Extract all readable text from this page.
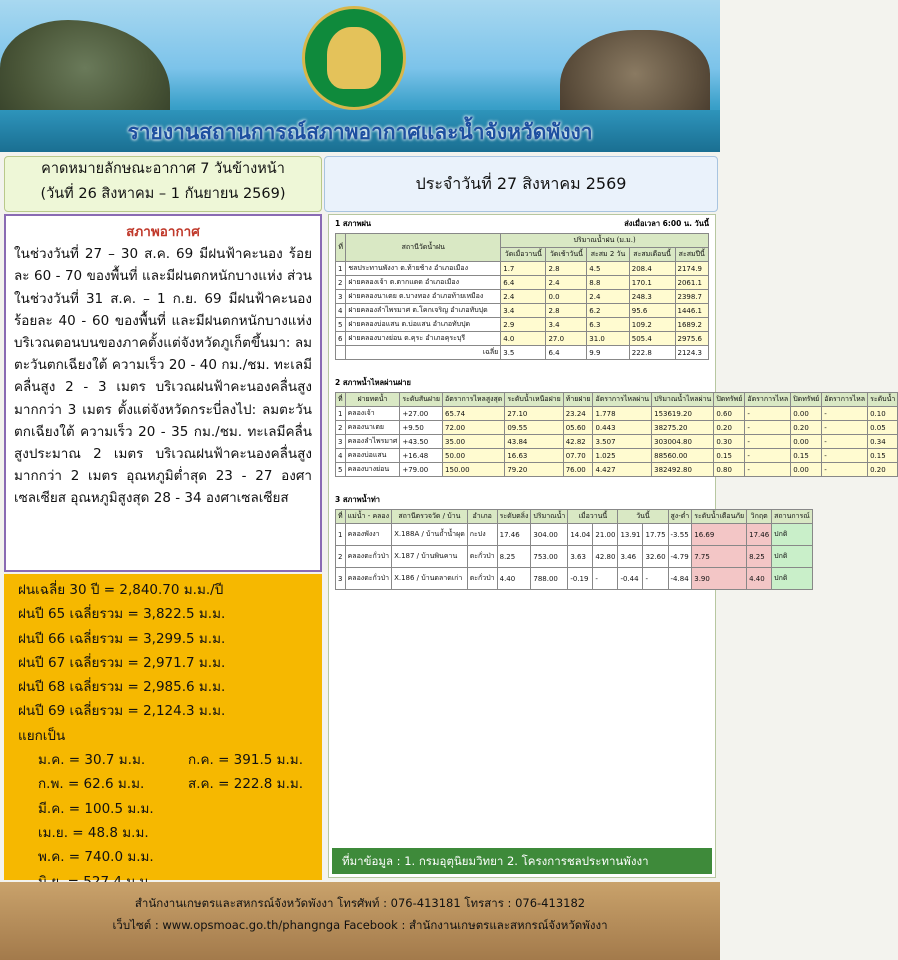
รายงานสถานการณ์สภาพอากาศและน้ำจังหวัดพังงา
คาดหมายลักษณะอากาศ 7 วันข้างหน้า
(วันที่ 26 สิงหาคม – 1 กันยายน 2569)
ประจำวันที่ 27 สิงหาคม 2569
สภาพอากาศ

ในช่วงวันที่ 27 – 30 ส.ค. 69 มีฝนฟ้าคะนอง ร้อยละ 60 - 70 ของพื้นที่ และมีฝนตกหนักบางแห่ง ส่วนในช่วงวันที่ 31 ส.ค. – 1 ก.ย. 69 มีฝนฟ้าคะนอง ร้อยละ 40 - 60 ของพื้นที่ และมีฝนตกหนักบางแห่งบริเวณตอนบนของภาคตั้งแต่จังหวัดภูเก็ตขึ้นมา: ลมตะวันตกเฉียงใต้ ความเร็ว 20 - 40 กม./ชม. ทะเลมีคลื่นสูง 2 - 3 เมตร บริเวณฝนฟ้าคะนองคลื่นสูงมากกว่า 3 เมตร ตั้งแต่จังหวัดกระบี่ลงไป: ลมตะวันตกเฉียงใต้ ความเร็ว 20 - 35 กม./ชม. ทะเลมีคลื่นสูงประมาณ 2 เมตร บริเวณฝนฟ้าคะนองคลื่นสูงมากกว่า 2 เมตร อุณหภูมิต่ำสุด 23 - 27 องศาเซลเซียส อุณหภูมิสูงสุด 28 - 34 องศาเซลเซียส

ฝนเฉลี่ย 30 ปี = 2,840.70 ม.ม./ปี
ฝนปี 65 เฉลี่ยรวม = 3,822.5 ม.ม.
ฝนปี 66 เฉลี่ยรวม = 3,299.5 ม.ม.
ฝนปี 67 เฉลี่ยรวม = 2,971.7 ม.ม.
ฝนปี 68 เฉลี่ยรวม = 2,985.6 ม.ม.
ฝนปี 69 เฉลี่ยรวม = 2,124.3 ม.ม.
แยกเป็น
ม.ค. = 30.7 ม.ม.	ก.ค. = 391.5 ม.ม.
ก.พ. = 62.6 ม.ม.	ส.ค. = 222.8 ม.ม.
มี.ค. = 100.5 ม.ม.
เม.ย. = 48.8 ม.ม.
พ.ค. = 740.0 ม.ม.
1 สภาพฝน	ส่งเมื่อเวลา 6:00 น. วันนี้
ที่	สถานีวัดน้ำฝน	ปริมาณน้ำฝน (ม.ม.)				
		วัดเมื่อวานนี้	วัดเช้าวันนี้	สะสม 2 วัน	สะสมเดือนนี้	สะสมปีนี้
1	ชลประทานพังงา ต.ท้ายช้าง อำเภอเมือง	1.7	2.8	4.5	208.4	2174.9
2	ฝายคลองเจ้า ต.ตากแดด อำเภอเมือง	6.4	2.4	8.8	170.1	2061.1
3	ฝายคลองนาเตย ต.บางทอง อำเภอท้ายเหมือง	2.4	0.0	2.4	248.3	2398.7
4	ฝายคลองลำไพรมาศ ต.โคกเจริญ อำเภอทับปุด	3.4	2.8	6.2	95.6	1446.1
5	ฝายคลองบ่อแสน ต.บ่อแสน อำเภอทับปุด	2.9	3.4	6.3	109.2	1689.2
6	ฝายคลองบางย่อน ต.คุระ อำเภอคุระบุรี	4.0	27.0	31.0	505.4	2975.6
	เฉลี่ย	3.5	6.4	9.9	222.8	2124.3
2 สภาพน้ำไหลผ่านฝาย
ที่	ฝายทดน้ำ	ระดับสันฝาย	อัตราการไหลสูงสุด	ระดับน้ำเหนือฝาย	ท้ายฝาย	อัตราการไหลผ่าน	ปริมาณน้ำไหลผ่าน	ปิดทรัพย์	อัตราการไหล	ปิดทรัพย์	อัตราการไหล	ระดับน้ำ
1	คลองเจ้า	+27.00	65.74	27.10	23.24	1.778	153619.20	0.60	-	0.00	-	0.10
2	คลองนาเตย	+9.50	72.00	09.55	05.60	0.443	38275.20	0.20	-	0.20	-	0.05
3	คลองลำไพรมาศ	+43.50	35.00	43.84	42.82	3.507	303004.80	0.30	-	0.00	-	0.34
4	คลองบ่อแสน	+16.48	50.00	16.63	07.70	1.025	88560.00	0.15	-	0.15	-	0.15
5	คลองบางย่อน	+79.00	150.00	79.20	76.00	4.427	382492.80	0.80	-	0.00	-	0.20
3 สภาพน้ำท่า
ที่	แม่น้ำ - คลอง	สถานีตรวจวัด / บ้าน	อำเภอ	ระดับตลิ่ง	ปริมาณน้ำ	เมื่อวานนี้		วันนี้		สูง-ต่ำ	ระดับน้ำเตือนภัย	วิกฤต	สถานการณ์
1	คลองพังงา	X.188A / บ้านถ้ำน้ำผุด	กะปง	17.46	304.00	14.04	21.00	13.91	17.75	-3.55	16.69	17.46	ปกติ
2	คลองตะกั่วป่า	X.187 / บ้านพินคาน	ตะกั่วป่า	8.25	753.00	3.63	42.80	3.46	32.60	-4.79	7.75	8.25	ปกติ
3	คลองตะกั่วป่า	X.186 / บ้านตลาดเก่า	ตะกั่วป่า	4.40	788.00	-0.19	-	-0.44	-	-4.84	3.90	4.40	ปกติ
ที่มาข้อมูล : 1. กรมอุตุนิยมวิทยา 2. โครงการชลประทานพังงา
สำนักงานเกษตรและสหกรณ์จังหวัดพังงา โทรศัพท์ : 076-413181 โทรสาร : 076-413182
เว็บไซต์ : www.opsmoac.go.th/phangnga Facebook : สำนักงานเกษตรและสหกรณ์จังหวัดพังงา
